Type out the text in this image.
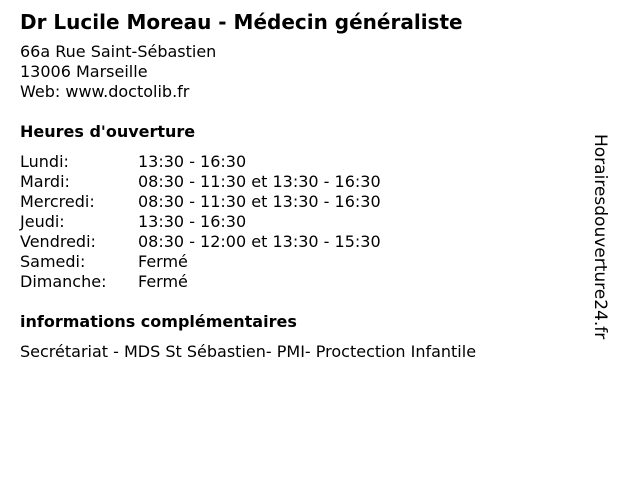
Dr Lucile Moreau - Médecin généraliste
66a Rue Saint-Sébastien
13006 Marseille
Web: www.doctolib.fr
Heures d'ouverture
Lundi:	13:30 - 16:30
Mardi:	08:30 - 11:30 et 13:30 - 16:30
Mercredi:	08:30 - 11:30 et 13:30 - 16:30
Jeudi:	13:30 - 16:30
Vendredi:	08:30 - 12:00 et 13:30 - 15:30
Samedi:	Fermé
Dimanche:	Fermé
informations complémentaires
Secrétariat - MDS St Sébastien- PMI- Proctection Infantile
Horairesdouverture24.fr
